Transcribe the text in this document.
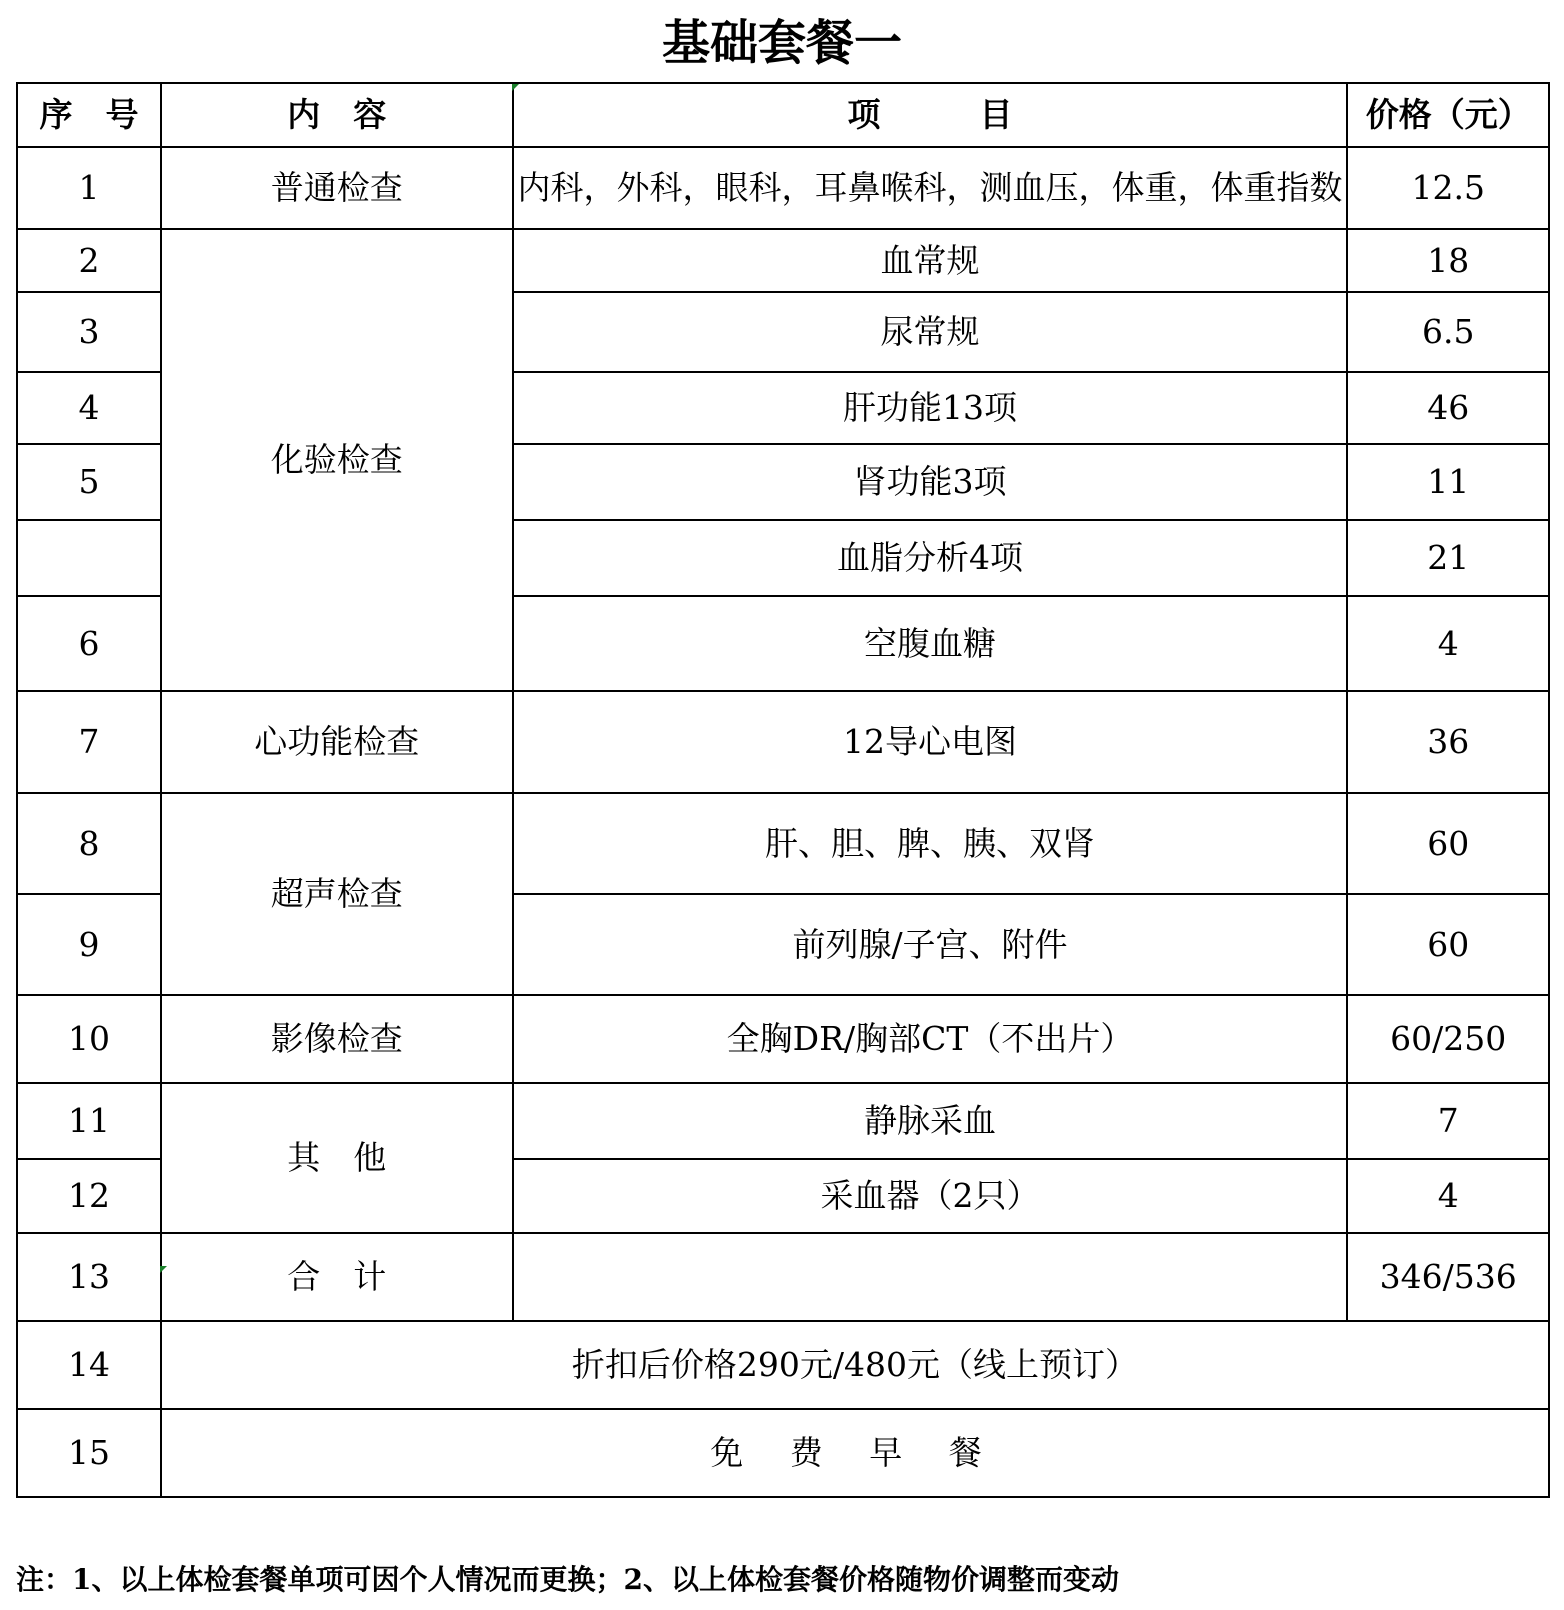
基础套餐一
序　号	内　容	项　　　目	价格（元）
1	普通检查	内科，外科，眼科，耳鼻喉科，测血压，体重，体重指数	12.5
2	化验检查	血常规	18
3		尿常规	6.5
4		肝功能13项	46
5		肾功能3项	11
		血脂分析4项	21
6		空腹血糖	4
7	心功能检查	12导心电图	36
8	超声检查	肝、胆、脾、胰、双肾	60
9		前列腺/子宫、附件	60
10	影像检查	全胸DR/胸部CT（不出片）	60/250
11	其　他	静脉采血	7
12		采血器（2只）	4
13	合　计		346/536
14	折扣后价格290元/480元（线上预订）		
15	免 费 早 餐		
注：1、以上体检套餐单项可因个人情况而更换；2、以上体检套餐价格随物价调整而变动
